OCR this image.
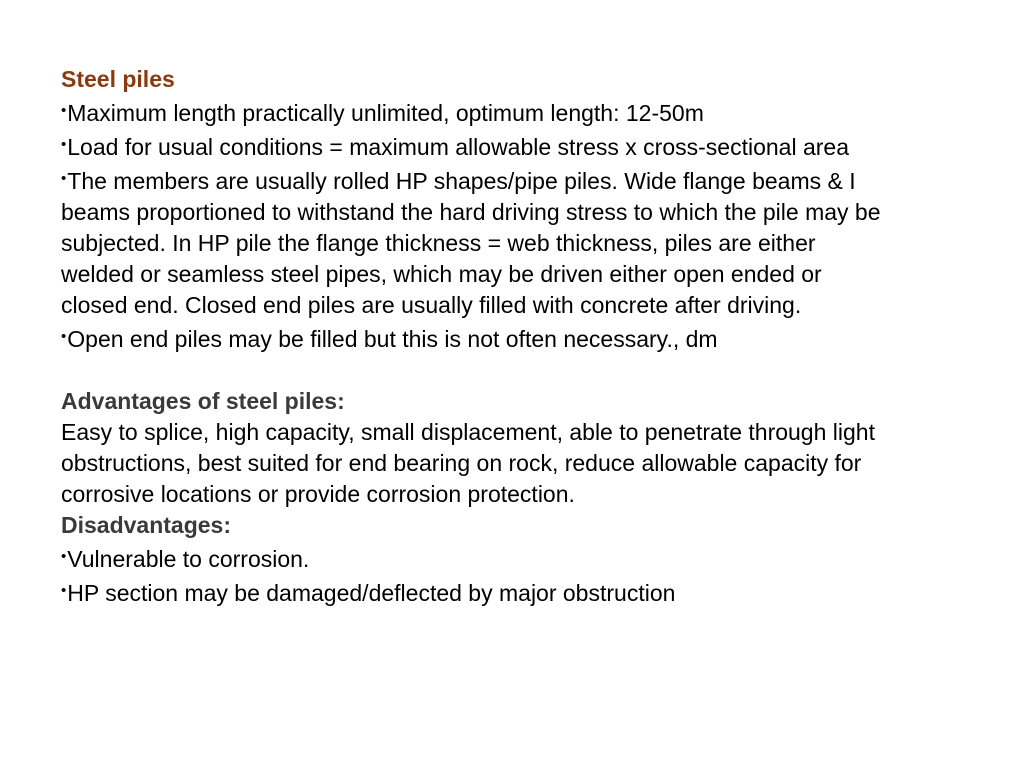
Steel piles

•Maximum length practically unlimited, optimum length: 12-50m
•Load for usual conditions = maximum allowable stress x cross-sectional area
•The members are usually rolled HP shapes/pipe piles. Wide flange beams & I beams proportioned to withstand the hard driving stress to which the pile may be subjected. In HP pile the flange thickness = web thickness, piles are either welded or seamless steel pipes, which may be driven either open ended or closed end. Closed end piles are usually filled with concrete after driving.
•Open end piles may be filled but this is not often necessary., dm

Advantages of steel piles:

Easy to splice, high capacity, small displacement, able to penetrate through light obstructions, best suited for end bearing on rock, reduce allowable capacity for corrosive locations or provide corrosion protection.

Disadvantages:

•Vulnerable to corrosion.
•HP section may be damaged/deflected by major obstruction
